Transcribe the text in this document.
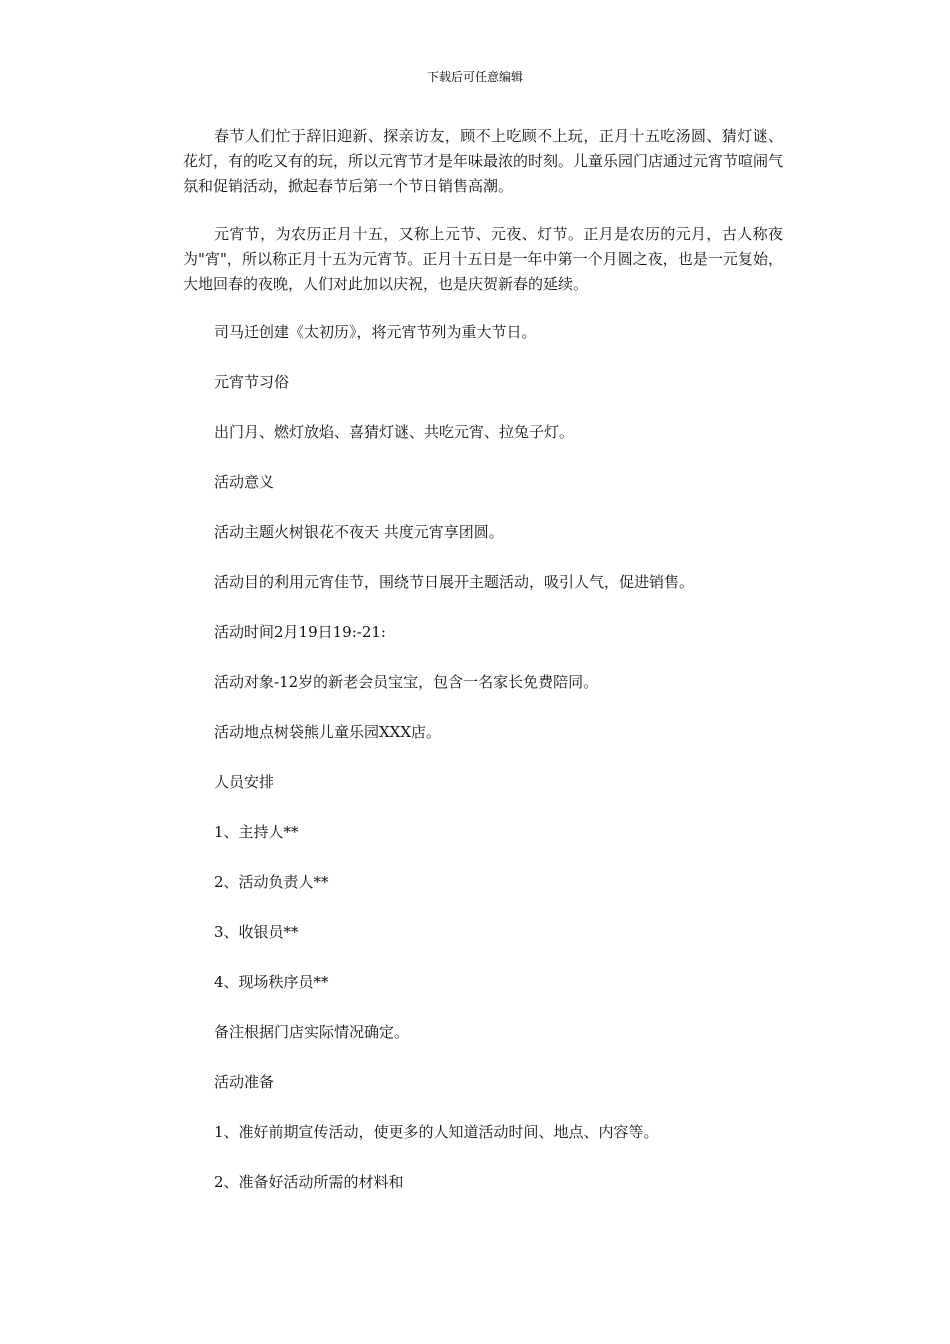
下载后可任意编辑

春节人们忙于辞旧迎新、探亲访友，顾不上吃顾不上玩，正月十五吃汤圆、猜灯谜、花灯，有的吃又有的玩，所以元宵节才是年味最浓的时刻。儿童乐园门店通过元宵节喧闹气氛和促销活动，掀起春节后第一个节日销售高潮。

元宵节，为农历正月十五，又称上元节、元夜、灯节。正月是农历的元月，古人称夜为"宵"，所以称正月十五为元宵节。正月十五日是一年中第一个月圆之夜，也是一元复始，大地回春的夜晚，人们对此加以庆祝，也是庆贺新春的延续。

司马迁创建《太初历》，将元宵节列为重大节日。

元宵节习俗

出门月、燃灯放焰、喜猜灯谜、共吃元宵、拉兔子灯。

活动意义

活动主题火树银花不夜天 共度元宵享团圆。

活动目的利用元宵佳节，围绕节日展开主题活动，吸引人气，促进销售。

活动时间2月19日19:-21:

活动对象-12岁的新老会员宝宝，包含一名家长免费陪同。

活动地点树袋熊儿童乐园XXX店。

人员安排

1、主持人**

2、活动负责人**

3、收银员**

4、现场秩序员**

备注根据门店实际情况确定。

活动准备

1、准好前期宣传活动，使更多的人知道活动时间、地点、内容等。

2、准备好活动所需的材料和
